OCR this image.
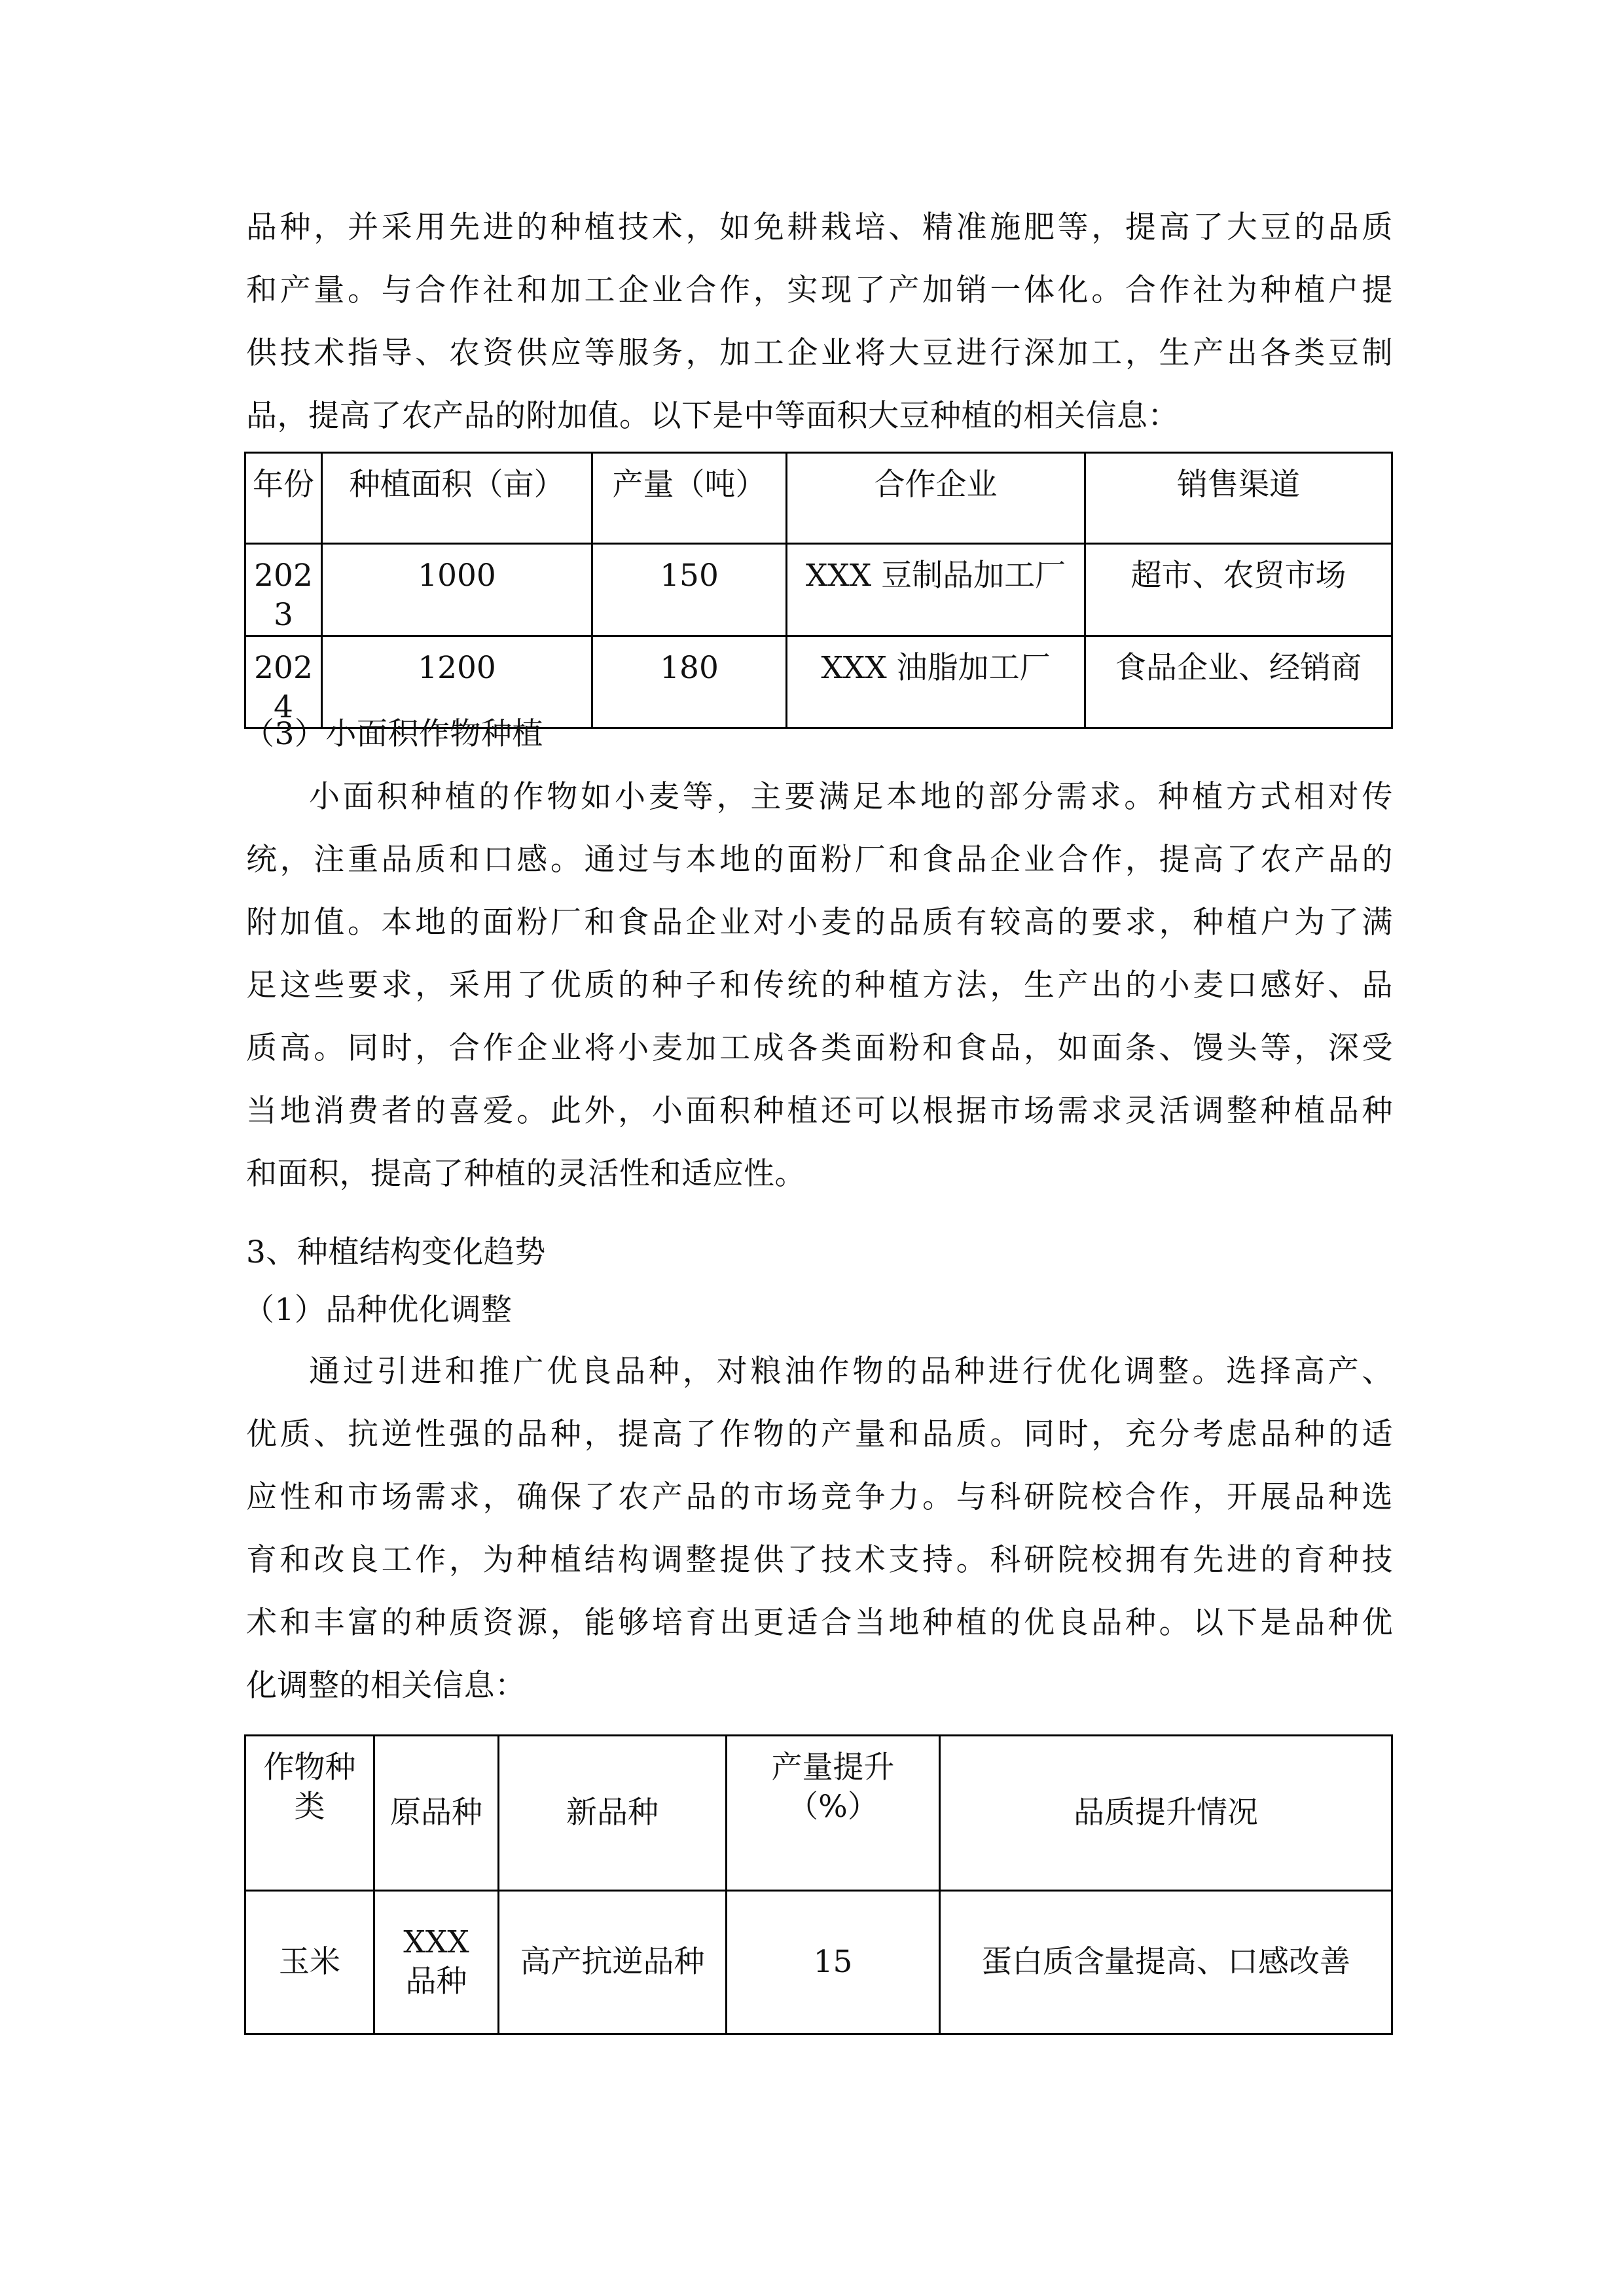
品种，并采用先进的种植技术，如免耕栽培、精准施肥等，提高了大豆的品质
和产量。与合作社和加工企业合作，实现了产加销一体化。合作社为种植户提
供技术指导、农资供应等服务，加工企业将大豆进行深加工，生产出各类豆制
品，提高了农产品的附加值。以下是中等面积大豆种植的相关信息：
年份	种植面积（亩）	产量（吨）	合作企业	销售渠道
2023	1000	150	XXX 豆制品加工厂	超市、农贸市场
2024	1200	180	XXX 油脂加工厂	食品企业、经销商
（3）小面积作物种植
小面积种植的作物如小麦等，主要满足本地的部分需求。种植方式相对传
统，注重品质和口感。通过与本地的面粉厂和食品企业合作，提高了农产品的
附加值。本地的面粉厂和食品企业对小麦的品质有较高的要求，种植户为了满
足这些要求，采用了优质的种子和传统的种植方法，生产出的小麦口感好、品
质高。同时，合作企业将小麦加工成各类面粉和食品，如面条、馒头等，深受
当地消费者的喜爱。此外，小面积种植还可以根据市场需求灵活调整种植品种
和面积，提高了种植的灵活性和适应性。
3、种植结构变化趋势
（1）品种优化调整
通过引进和推广优良品种，对粮油作物的品种进行优化调整。选择高产、
优质、抗逆性强的品种，提高了作物的产量和品质。同时，充分考虑品种的适
应性和市场需求，确保了农产品的市场竞争力。与科研院校合作，开展品种选
育和改良工作，为种植结构调整提供了技术支持。科研院校拥有先进的育种技
术和丰富的种质资源，能够培育出更适合当地种植的优良品种。以下是品种优
化调整的相关信息：
作物种类	原品种	新品种	产量提升（%）	品质提升情况
玉米	XXX 品种	高产抗逆品种	15	蛋白质含量提高、口感改善
